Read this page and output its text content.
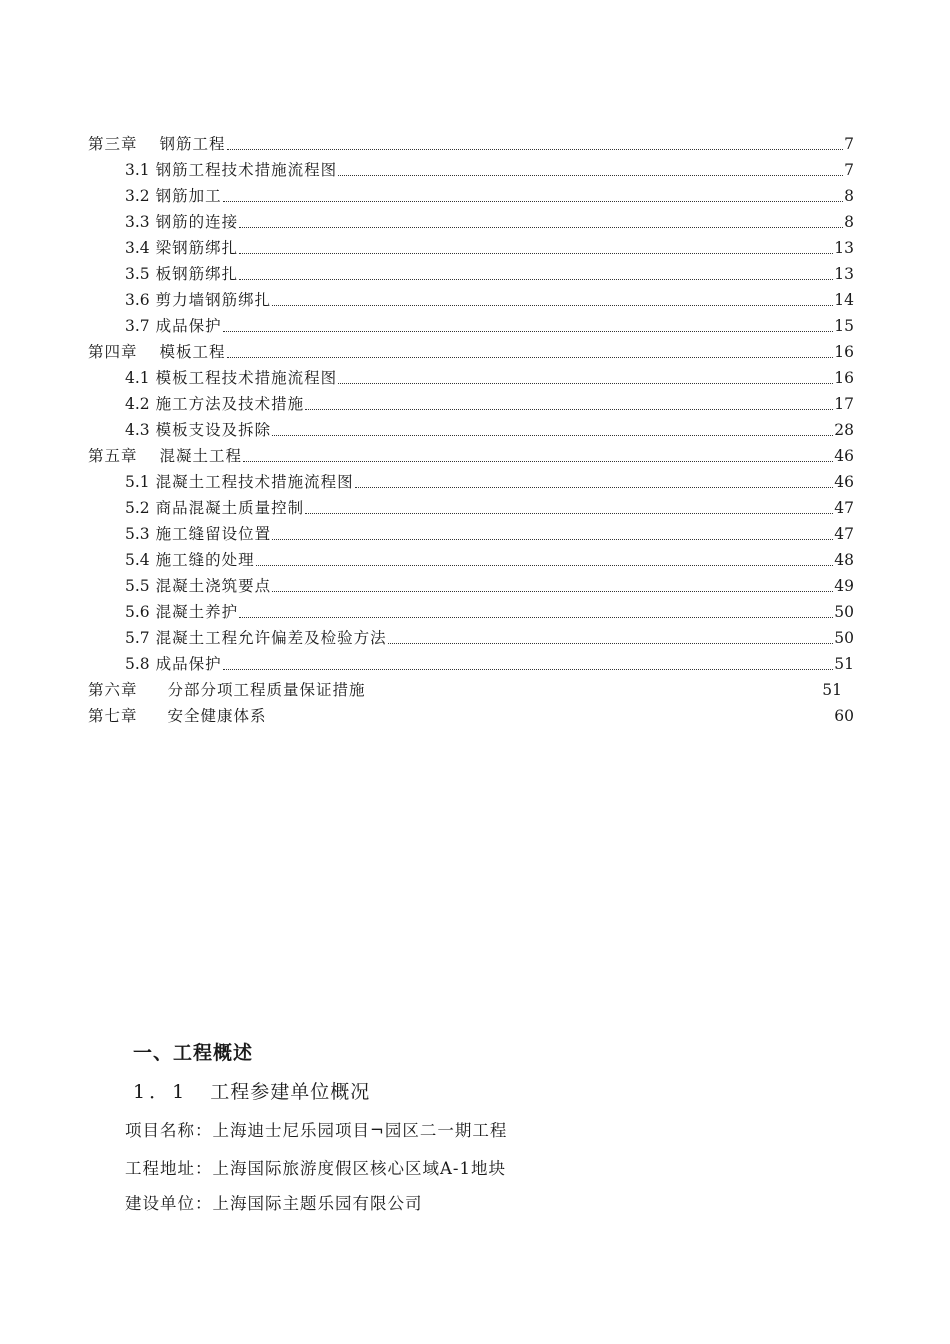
第三章 钢筋工程	7
3.1 钢筋工程技术措施流程图	7
3.2 钢筋加工	8
3.3 钢筋的连接	8
3.4 梁钢筋绑扎	13
3.5 板钢筋绑扎	13
3.6 剪力墙钢筋绑扎	14
3.7 成品保护	15
第四章 模板工程	16
4.1 模板工程技术措施流程图	16
4.2 施工方法及技术措施	17
4.3 模板支设及拆除	28
第五章 混凝土工程	46
5.1 混凝土工程技术措施流程图	46
5.2 商品混凝土质量控制	47
5.3 施工缝留设位置	47
5.4 施工缝的处理	48
5.5 混凝土浇筑要点	49
5.6 混凝土养护	50
5.7 混凝土工程允许偏差及检验方法	50
5.8 成品保护	51
第六章 分部分项工程质量保证措施	51
第七章 安全健康体系	60
一、工程概述
1．1 工程参建单位概况
项目名称：上海迪士尼乐园项目¬园区二一期工程
工程地址：上海国际旅游度假区核心区域A-1地块
建设单位：上海国际主题乐园有限公司
